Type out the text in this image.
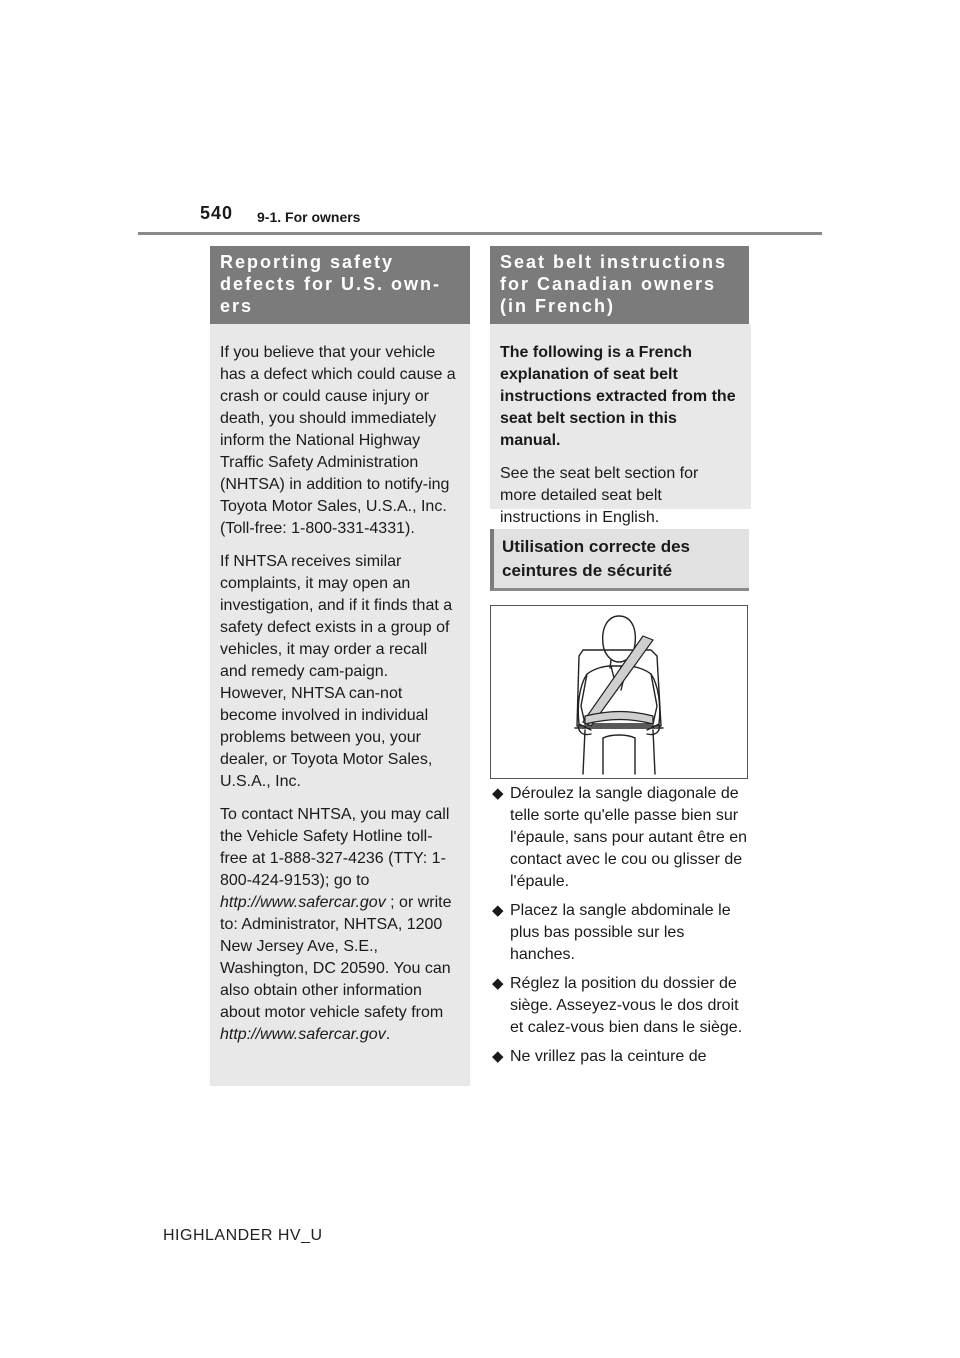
540 9-1. For owners
Reporting safety defects for U.S. own-ers

If you believe that your vehicle has a defect which could cause a crash or could cause injury or death, you should immediately inform the National Highway Traffic Safety Administration (NHTSA) in addition to notify-ing Toyota Motor Sales, U.S.A., Inc. (Toll-free: 1-800-331-4331).

If NHTSA receives similar complaints, it may open an investigation, and if it finds that a safety defect exists in a group of vehicles, it may order a recall and remedy cam-paign. However, NHTSA can-not become involved in individual problems between you, your dealer, or Toyota Motor Sales, U.S.A., Inc.

To contact NHTSA, you may call the Vehicle Safety Hotline toll-free at 1-888-327-4236 (TTY: 1-800-424-9153); go to http://www.safercar.gov ; or write to: Administrator, NHTSA, 1200 New Jersey Ave, S.E., Washington, DC 20590. You can also obtain other information about motor vehicle safety from http://www.safercar.gov.

Seat belt instructions for Canadian owners (in French)

The following is a French explanation of seat belt instructions extracted from the seat belt section in this manual.

See the seat belt section for more detailed seat belt instructions in English.

Utilisation correcte des ceintures de sécurité
◆ Déroulez la sangle diagonale de telle sorte qu'elle passe bien sur l'épaule, sans pour autant être en contact avec le cou ou glisser de l'épaule.
◆ Placez la sangle abdominale le plus bas possible sur les hanches.
◆ Réglez la position du dossier de siège. Asseyez-vous le dos droit et calez-vous bien dans le siège.
◆ Ne vrillez pas la ceinture de
HIGHLANDER HV_U
